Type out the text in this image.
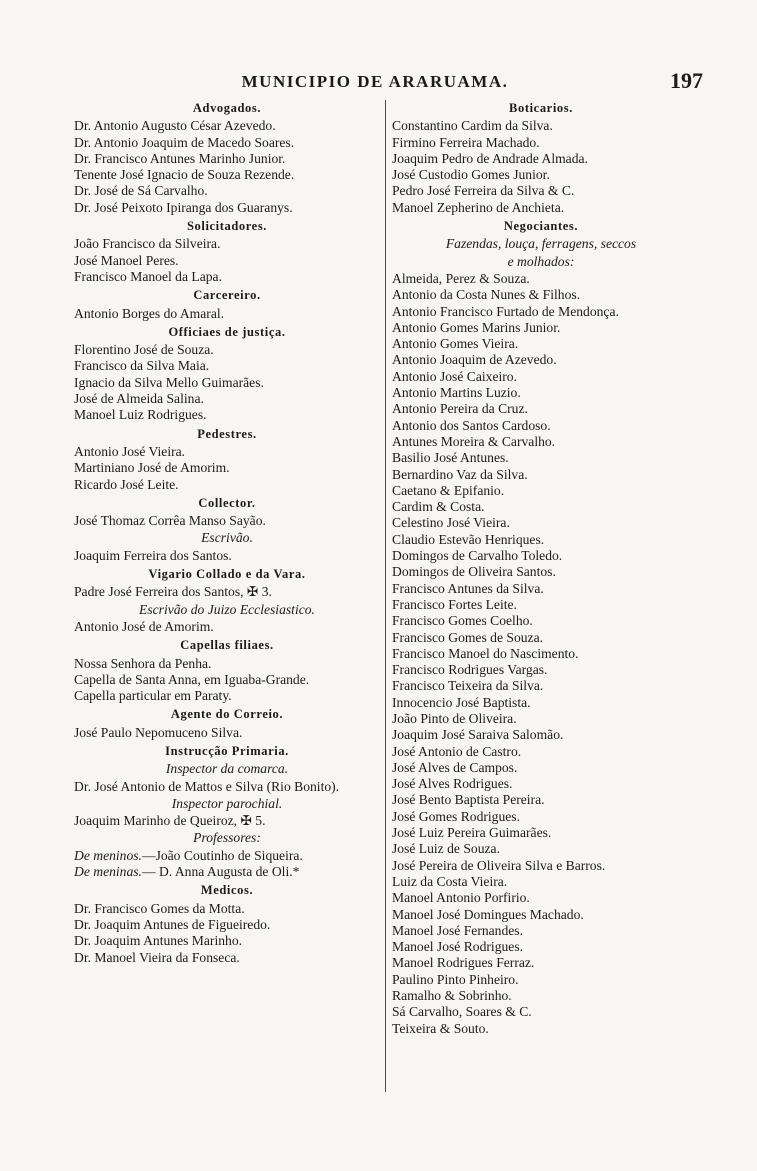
MUNICIPIO DE ARARUAMA.	197
Advogados.
Dr. Antonio Augusto César Azevedo.
Dr. Antonio Joaquim de Macedo Soares.
Dr. Francisco Antunes Marinho Junior.
Tenente José Ignacio de Souza Rezende.
Dr. José de Sá Carvalho.
Dr. José Peixoto Ipiranga dos Guaranys.
Solicitadores.
João Francisco da Silveira.
José Manoel Peres.
Francisco Manoel da Lapa.
Carcereiro.
Antonio Borges do Amaral.
Officiaes de justiça.
Florentino José de Souza.
Francisco da Silva Maia.
Ignacio da Silva Mello Guimarães.
José de Almeida Salina.
Manoel Luiz Rodrigues.
Pedestres.
Antonio José Vieira.
Martiniano José de Amorim.
Ricardo José Leite.
Collector.
José Thomaz Corrêa Manso Sayão.
Escrivão.
Joaquim Ferreira dos Santos.
Vigario Collado e da Vara.
Padre José Ferreira dos Santos, ✠ 3.
Escrivão do Juizo Ecclesiastico.
Antonio José de Amorim.
Capellas filiaes.
Nossa Senhora da Penha.
Capella de Santa Anna, em Iguaba-Grande.
Capella particular em Paraty.
Agente do Correio.
José Paulo Nepomuceno Silva.
Instrucção Primaria.
Inspector da comarca.
Dr. José Antonio de Mattos e Silva (Rio Bonito).
Inspector parochial.
Joaquim Marinho de Queiroz, ✠ 5.
Professores:
De meninos.—João Coutinho de Siqueira.
De meninas.— D. Anna Augusta de Oli.*
Medicos.
Dr. Francisco Gomes da Motta.
Dr. Joaquim Antunes de Figueiredo.
Dr. Joaquim Antunes Marinho.
Dr. Manoel Vieira da Fonseca.
Boticarios.
Constantino Cardim da Silva.
Firmino Ferreira Machado.
Joaquim Pedro de Andrade Almada.
José Custodio Gomes Junior.
Pedro José Ferreira da Silva & C.
Manoel Zepherino de Anchieta.
Negociantes.
Fazendas, louça, ferragens, seccos
e molhados:
Almeida, Perez & Souza.
Antonio da Costa Nunes & Filhos.
Antonio Francisco Furtado de Mendonça.
Antonio Gomes Marins Junior.
Antonio Gomes Vieira.
Antonio Joaquim de Azevedo.
Antonio José Caixeiro.
Antonio Martins Luzio.
Antonio Pereira da Cruz.
Antonio dos Santos Cardoso.
Antunes Moreira & Carvalho.
Basilio José Antunes.
Bernardino Vaz da Silva.
Caetano & Epifanio.
Cardim & Costa.
Celestino José Vieira.
Claudio Estevão Henriques.
Domingos de Carvalho Toledo.
Domingos de Oliveira Santos.
Francisco Antunes da Silva.
Francisco Fortes Leite.
Francisco Gomes Coelho.
Francisco Gomes de Souza.
Francisco Manoel do Nascimento.
Francisco Rodrigues Vargas.
Francisco Teixeira da Silva.
Innocencio José Baptista.
João Pinto de Oliveira.
Joaquim José Saraiva Salomão.
José Antonio de Castro.
José Alves de Campos.
José Alves Rodrigues.
José Bento Baptista Pereira.
José Gomes Rodrigues.
José Luiz Pereira Guimarães.
José Luiz de Souza.
José Pereira de Oliveira Silva e Barros.
Luiz da Costa Vieira.
Manoel Antonio Porfirio.
Manoel José Domingues Machado.
Manoel José Fernandes.
Manoel José Rodrigues.
Manoel Rodrigues Ferraz.
Paulino Pinto Pinheiro.
Ramalho & Sobrinho.
Sá Carvalho, Soares & C.
Teixeira & Souto.
